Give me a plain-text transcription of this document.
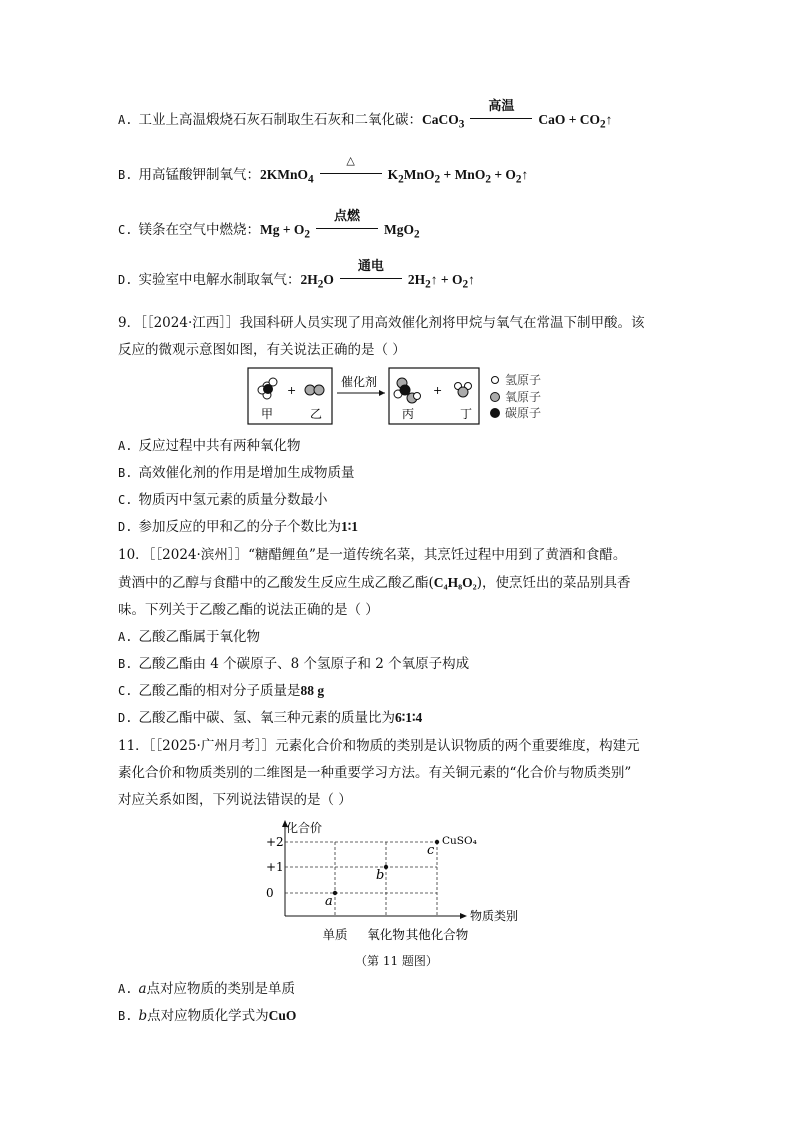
A. 工业上高温煅烧石灰石制取生石灰和二氧化碳：CaCO$_3$
高温
CaO + $CO_2↑$
B. 用高锰酸钾制氧气：2KMnO$_4$
△
$K_2MnO_2 + MnO_2$ + $O_2↑$
C. 镁条在空气中燃烧：$Mg + O_2$
点燃
MgO$_2$
D. 实验室中电解水制取氧气：$2H_2O$
通电
$2H_2↑$ + $O_2↑$
9．［［2024·江西］］我国科研人员实现了用高效催化剂将甲烷与氧气在常温下制甲酸。该
反应的微观示意图如图，有关说法正确的是（ ）
+
甲	乙
催化剂
+
丙	丁
氢原子
氧原子
碳原子
A. 反应过程中共有两种氧化物
B. 高效催化剂的作用是增加生成物质量
C. 物质丙中氢元素的质量分数最小
D. 参加反应的甲和乙的分子个数比为1∶1
10．［［2024·滨州］］“糖醋鲤鱼”是一道传统名菜，其烹饪过程中用到了黄酒和食醋。
黄酒中的乙醇与食醋中的乙酸发生反应生成乙酸乙酯(C₄H₈O₂)，使烹饪出的菜品别具香
味。下列关于乙酸乙酯的说法正确的是（ ）
A. 乙酸乙酯属于氧化物
B. 乙酸乙酯由 4 个碳原子、8 个氢原子和 2 个氧原子构成
C. 乙酸乙酯的相对分子质量是88 g
D. 乙酸乙酯中碳、氢、氧三种元素的质量比为6∶1∶4
11．［［2025·广州月考］］元素化合价和物质的类别是认识物质的两个重要维度，构建元
素化合价和物质类别的二维图是一种重要学习方法。有关铜元素的“化合价与物质类别”
对应关系如图，下列说法错误的是（ ）
化合价
物质类别
+2
+1
0
单质 氧化物 其他化合物
a
b
c
CuSO₄
（第 11 题图）
A. a点对应物质的类别是单质
B. b点对应物质化学式为CuO
